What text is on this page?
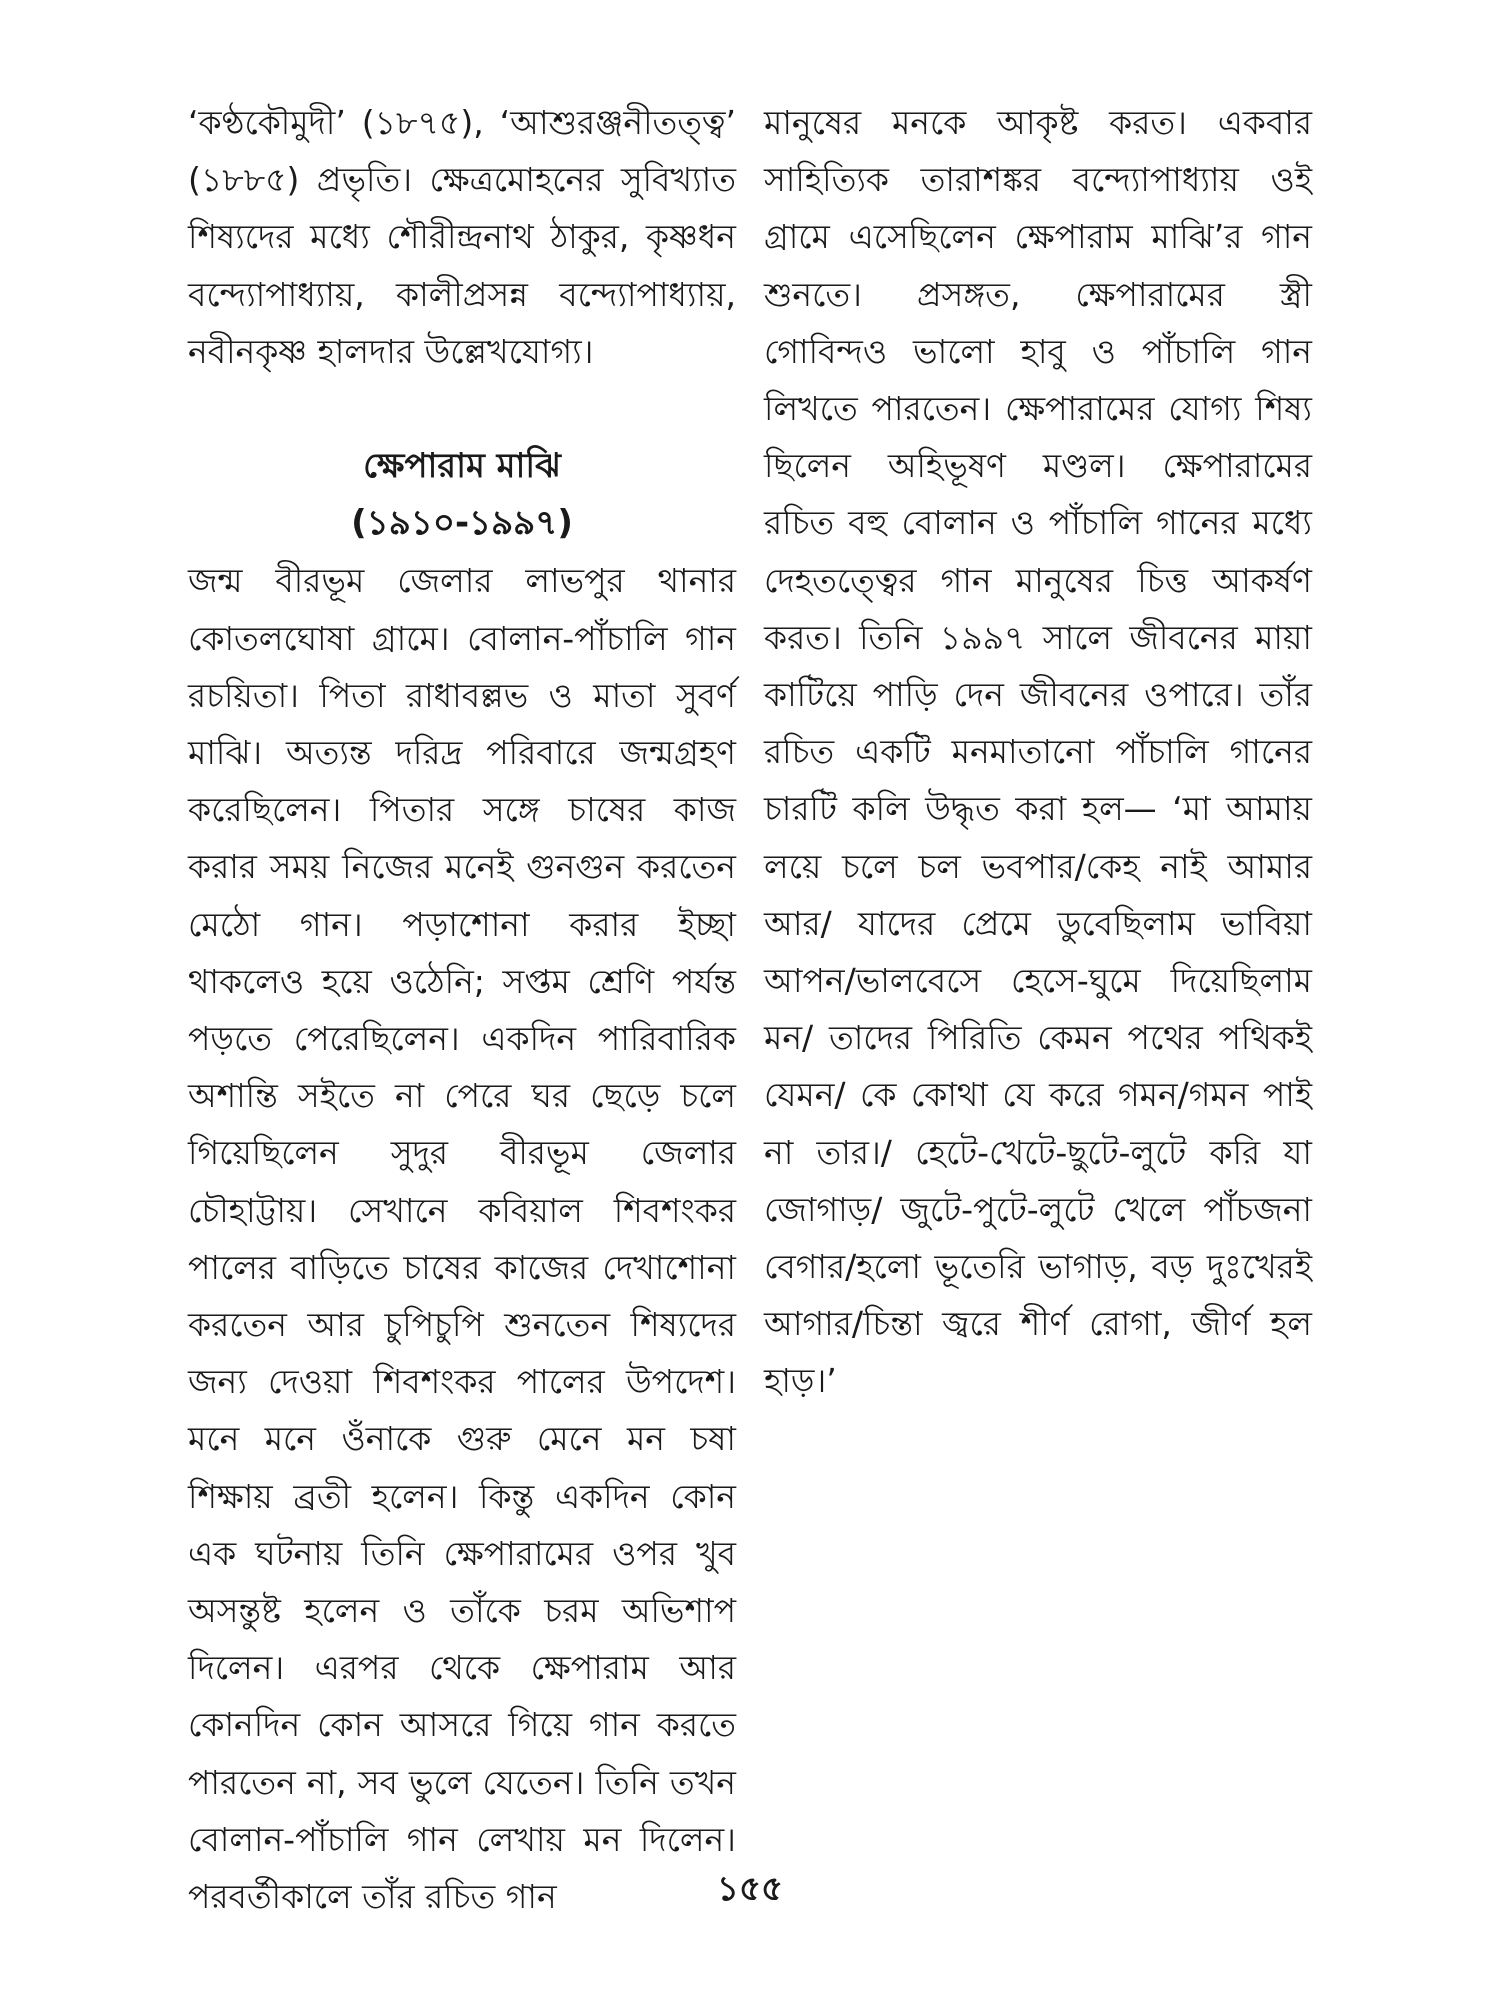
‘কণ্ঠকৌমুদী’ (১৮৭৫), ‘আশুরঞ্জনীতত্ত্ব’ (১৮৮৫) প্রভৃতি। ক্ষেত্রমোহনের সুবিখ্যাত শিষ্যদের মধ্যে শৌরীন্দ্রনাথ ঠাকুর, কৃষ্ণধন বন্দ্যোপাধ্যায়, কালীপ্রসন্ন বন্দ্যোপাধ্যায়, নবীনকৃষ্ণ হালদার উল্লেখযোগ্য।

ক্ষেপারাম মাঝি

(১৯১০-১৯৯৭)

জন্ম বীরভূম জেলার লাভপুর থানার কোতলঘোষা গ্রামে। বোলান-পাঁচালি গান রচয়িতা। পিতা রাধাবল্লভ ও মাতা সুবর্ণ মাঝি। অত্যন্ত দরিদ্র পরিবারে জন্মগ্রহণ করেছিলেন। পিতার সঙ্গে চাষের কাজ করার সময় নিজের মনেই গুনগুন করতেন মেঠো গান। পড়াশোনা করার ইচ্ছা থাকলেও হয়ে ওঠেনি; সপ্তম শ্রেণি পর্যন্ত পড়তে পেরেছিলেন। একদিন পারিবারিক অশান্তি সইতে না পেরে ঘর ছেড়ে চলে গিয়েছিলেন সুদুর বীরভূম জেলার চৌহাট্টায়। সেখানে কবিয়াল শিবশংকর পালের বাড়িতে চাষের কাজের দেখাশোনা করতেন আর চুপিচুপি শুনতেন শিষ্যদের জন্য দেওয়া শিবশংকর পালের উপদেশ। মনে মনে ওঁনাকে গুরু মেনে মন চষা শিক্ষায় ব্রতী হলেন। কিন্তু একদিন কোন এক ঘটনায় তিনি ক্ষেপারামের ওপর খুব অসন্তুষ্ট হলেন ও তাঁকে চরম অভিশাপ দিলেন। এরপর থেকে ক্ষেপারাম আর কোনদিন কোন আসরে গিয়ে গান করতে পারতেন না, সব ভুলে যেতেন। তিনি তখন বোলান-পাঁচালি গান লেখায় মন দিলেন। পরবর্তীকালে তাঁর রচিত গান

মানুষের মনকে আকৃষ্ট করত। একবার সাহিত্যিক তারাশঙ্কর বন্দ্যোপাধ্যায় ওই গ্রামে এসেছিলেন ক্ষেপারাম মাঝি’র গান শুনতে। প্রসঙ্গত, ক্ষেপারামের স্ত্রী গোবিন্দও ভালো হাবু ও পাঁচালি গান লিখতে পারতেন। ক্ষেপারামের যোগ্য শিষ্য ছিলেন অহিভূষণ মণ্ডল। ক্ষেপারামের রচিত বহু বোলান ও পাঁচালি গানের মধ্যে দেহতত্ত্বের গান মানুষের চিত্ত আকর্ষণ করত। তিনি ১৯৯৭ সালে জীবনের মায়া কাটিয়ে পাড়ি দেন জীবনের ওপারে। তাঁর রচিত একটি মনমাতানো পাঁচালি গানের চারটি কলি উদ্ধৃত করা হল— ‘মা আমায় লয়ে চলে চল ভবপার/কেহ নাই আমার আর/ যাদের প্রেমে ডুবেছিলাম ভাবিয়া আপন/ভালবেসে হেসে-ঘুমে দিয়েছিলাম মন/ তাদের পিরিতি কেমন পথের পথিকই যেমন/ কে কোথা যে করে গমন/গমন পাই না তার।/ হেটে-খেটে-ছুটে-লুটে করি যা জোগাড়/ জুটে-পুটে-লুটে খেলে পাঁচজনা বেগার/হলো ভূতেরি ভাগাড়, বড় দুঃখেরই আগার/চিন্তা জ্বরে শীর্ণ রোগা, জীর্ণ হল হাড়।’

১৫৫
